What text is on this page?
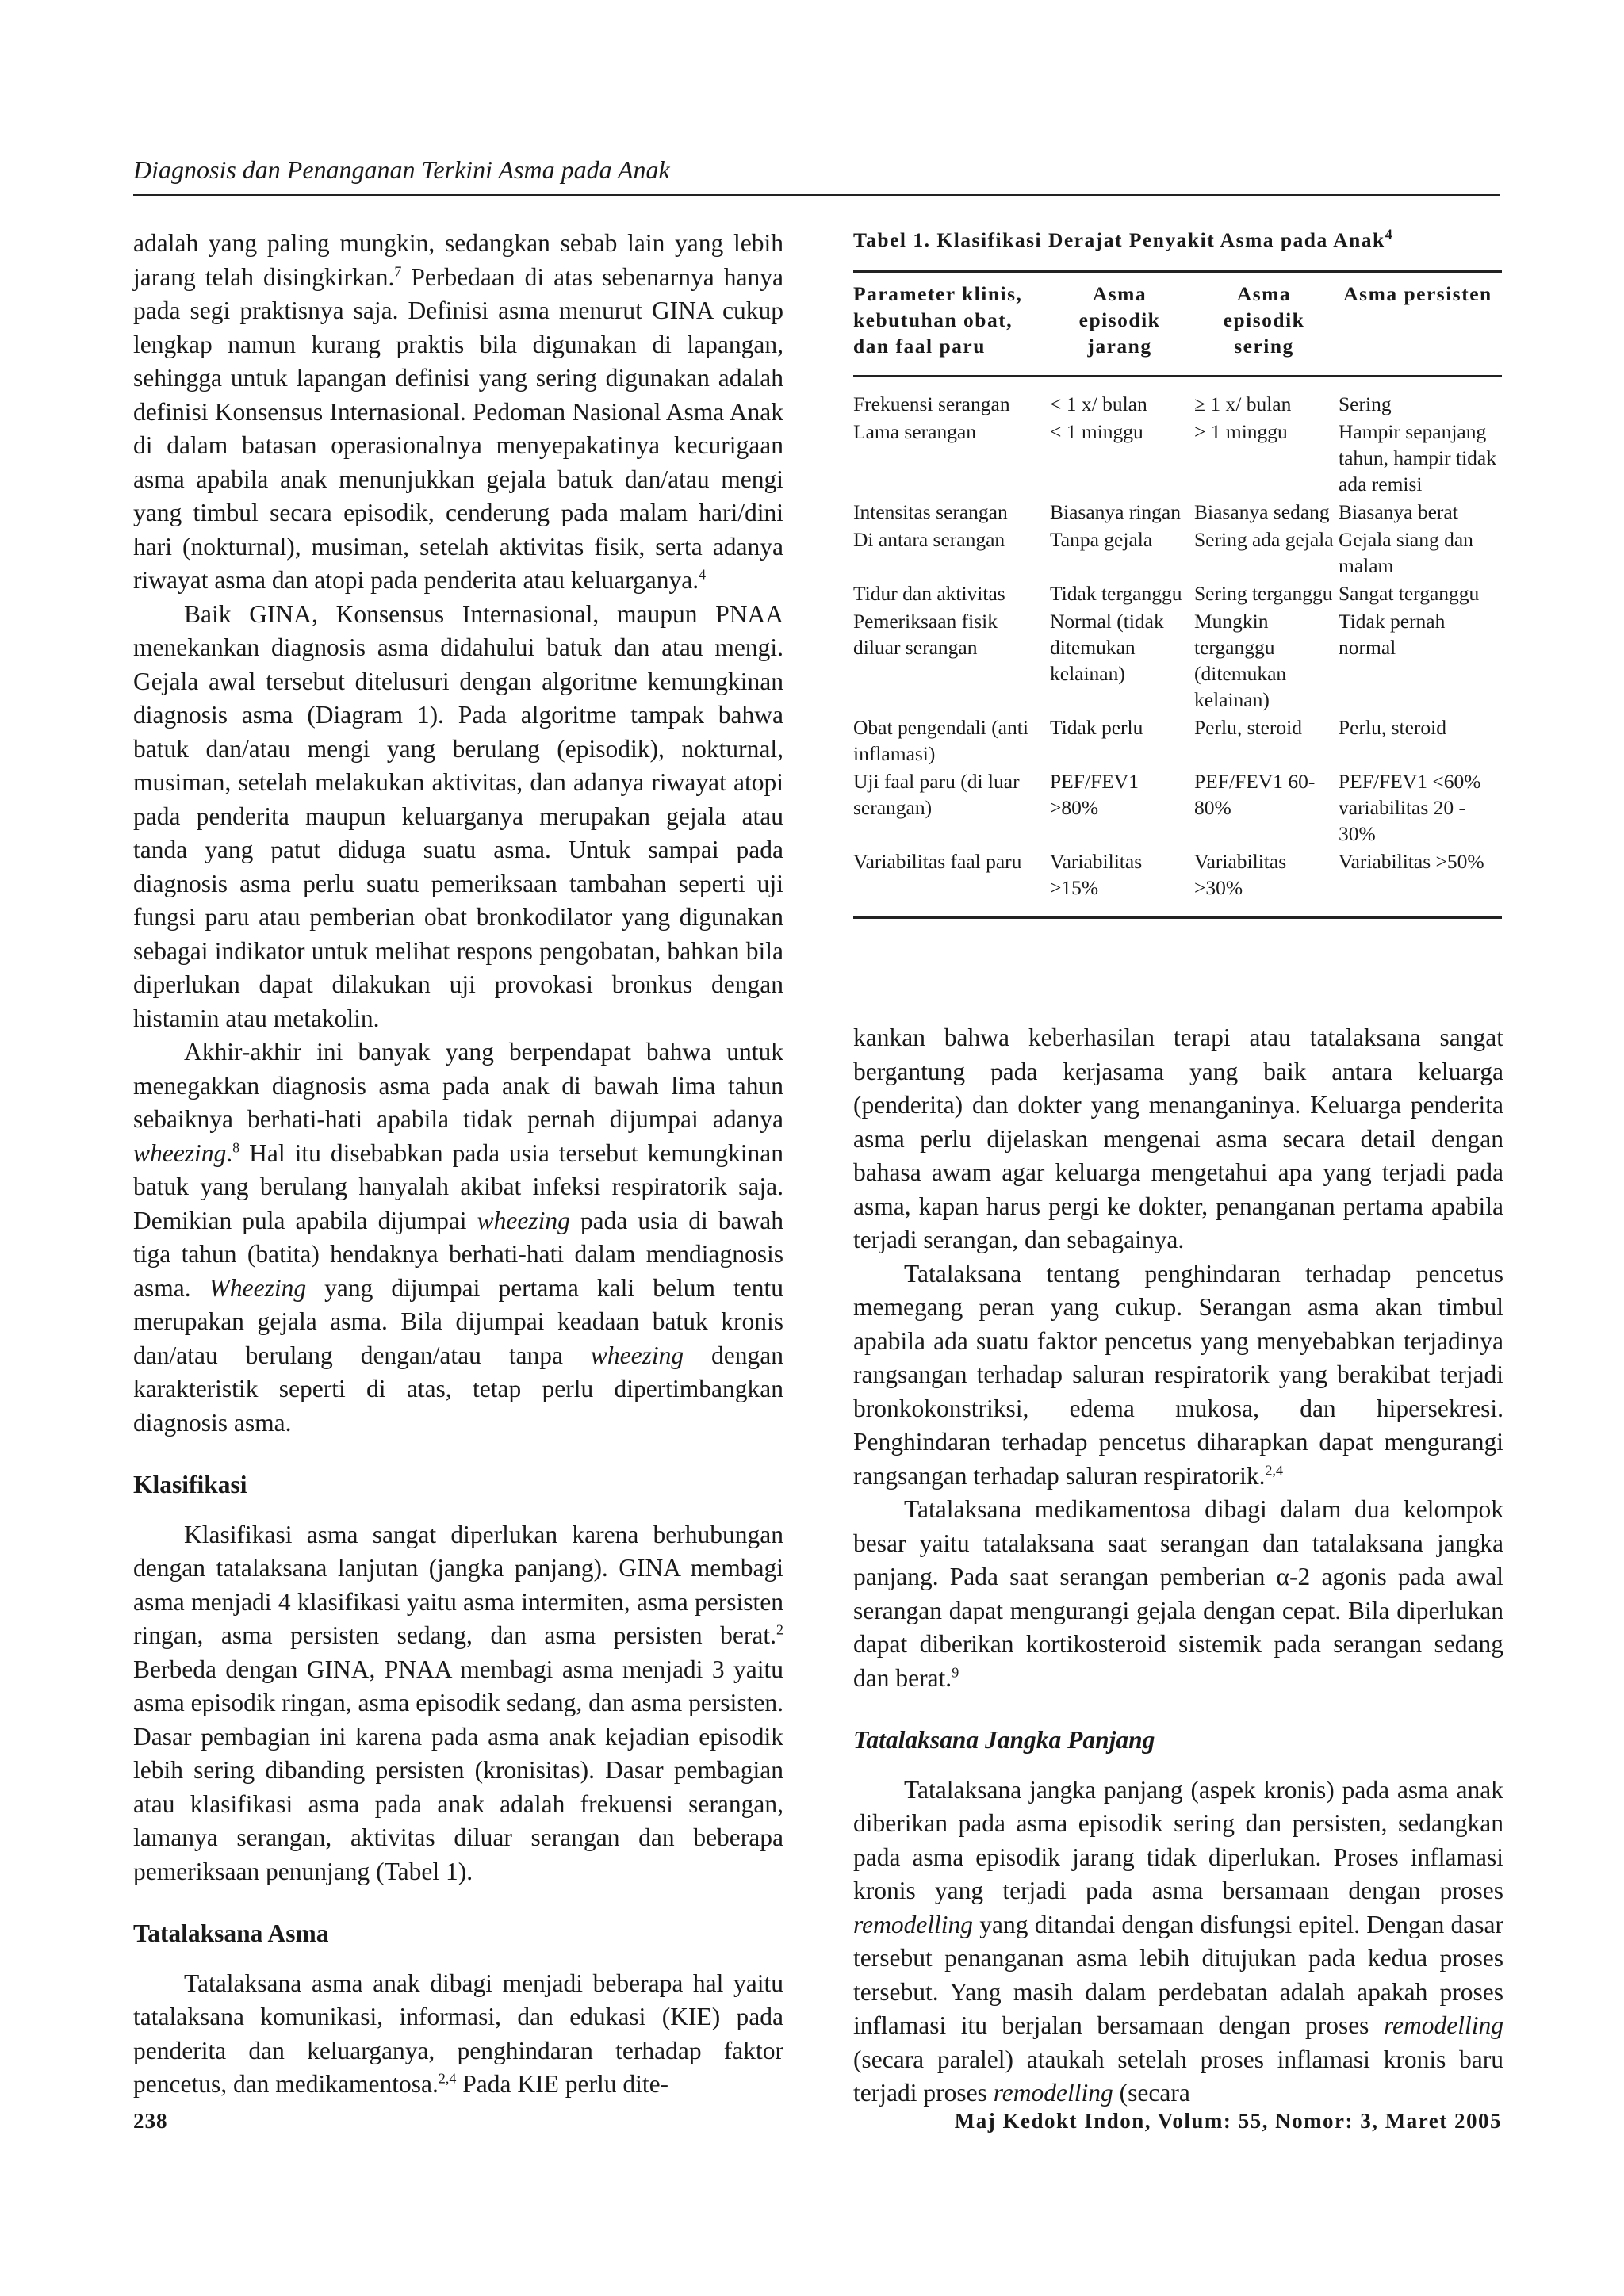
Diagnosis dan Penanganan Terkini Asma pada Anak

adalah yang paling mungkin, sedangkan sebab lain yang lebih jarang telah disingkirkan.$^7$ Perbedaan di atas sebenarnya hanya pada segi praktisnya saja. Definisi asma menurut GINA cukup lengkap namun kurang praktis bila digunakan di lapangan, sehingga untuk lapangan definisi yang sering digunakan adalah definisi Konsensus Internasional. Pedoman Nasional Asma Anak di dalam batasan operasionalnya menyepakatinya kecurigaan asma apabila anak menunjukkan gejala batuk dan/atau mengi yang timbul secara episodik, cenderung pada malam hari/dini hari (nokturnal), musiman, setelah aktivitas fisik, serta adanya riwayat asma dan atopi pada penderita atau keluarganya.$^4$

Baik GINA, Konsensus Internasional, maupun PNAA menekankan diagnosis asma didahului batuk dan atau mengi. Gejala awal tersebut ditelusuri dengan algoritme kemungkinan diagnosis asma (Diagram 1). Pada algoritme tampak bahwa batuk dan/atau mengi yang berulang (episodik), nokturnal, musiman, setelah melakukan aktivitas, dan adanya riwayat atopi pada penderita maupun keluarganya merupakan gejala atau tanda yang patut diduga suatu asma. Untuk sampai pada diagnosis asma perlu suatu pemeriksaan tambahan seperti uji fungsi paru atau pemberian obat bronkodilator yang digunakan sebagai indikator untuk melihat respons pengobatan, bahkan bila diperlukan dapat dilakukan uji provokasi bronkus dengan histamin atau metakolin.

Akhir-akhir ini banyak yang berpendapat bahwa untuk menegakkan diagnosis asma pada anak di bawah lima tahun sebaiknya berhati-hati apabila tidak pernah dijumpai adanya wheezing.$^8$ Hal itu disebabkan pada usia tersebut kemungkinan batuk yang berulang hanyalah akibat infeksi respiratorik saja. Demikian pula apabila dijumpai wheezing pada usia di bawah tiga tahun (batita) hendaknya berhati-hati dalam mendiagnosis asma. Wheezing yang dijumpai pertama kali belum tentu merupakan gejala asma. Bila dijumpai keadaan batuk kronis dan/atau berulang dengan/atau tanpa wheezing dengan karakteristik seperti di atas, tetap perlu dipertimbangkan diagnosis asma.

Klasifikasi

Klasifikasi asma sangat diperlukan karena berhubungan dengan tatalaksana lanjutan (jangka panjang). GINA membagi asma menjadi 4 klasifikasi yaitu asma intermiten, asma persisten ringan, asma persisten sedang, dan asma persisten berat.$^2$ Berbeda dengan GINA, PNAA membagi asma menjadi 3 yaitu asma episodik ringan, asma episodik sedang, dan asma persisten. Dasar pembagian ini karena pada asma anak kejadian episodik lebih sering dibanding persisten (kronisitas). Dasar pembagian atau klasifikasi asma pada anak adalah frekuensi serangan, lamanya serangan, aktivitas diluar serangan dan beberapa pemeriksaan penunjang (Tabel 1).

Tatalaksana Asma

Tatalaksana asma anak dibagi menjadi beberapa hal yaitu tatalaksana komunikasi, informasi, dan edukasi (KIE) pada penderita dan keluarganya, penghindaran terhadap faktor pencetus, dan medikamentosa.$^{2,4}$ Pada KIE perlu dite-

Tabel 1. Klasifikasi Derajat Penyakit Asma pada Anak$^4$
Parameter klinis, kebutuhan obat, dan faal paru	Asma episodik jarang	Asma episodik sering	Asma persisten
Frekuensi serangan	< 1 x/ bulan	≥ 1 x/ bulan	Sering
Lama serangan	< 1 minggu	> 1 minggu	Hampir sepanjang tahun, hampir tidak ada remisi
Intensitas serangan	Biasanya ringan	Biasanya sedang	Biasanya berat
Di antara serangan	Tanpa gejala	Sering ada gejala	Gejala siang dan malam
Tidur dan aktivitas	Tidak terganggu	Sering terganggu	Sangat terganggu
Pemeriksaan fisik diluar serangan	Normal (tidak ditemukan kelainan)	Mungkin terganggu (ditemukan kelainan)	Tidak pernah normal
Obat pengendali (anti inflamasi)	Tidak perlu	Perlu, steroid	Perlu, steroid
Uji faal paru (di luar serangan)	PEF/FEV1 >80%	PEF/FEV1 60-80%	PEF/FEV1 <60% variabilitas 20 - 30%
Variabilitas faal paru	Variabilitas >15%	Variabilitas >30%	Variabilitas >50%

kankan bahwa keberhasilan terapi atau tatalaksana sangat bergantung pada kerjasama yang baik antara keluarga (penderita) dan dokter yang menanganinya. Keluarga penderita asma perlu dijelaskan mengenai asma secara detail dengan bahasa awam agar keluarga mengetahui apa yang terjadi pada asma, kapan harus pergi ke dokter, penanganan pertama apabila terjadi serangan, dan sebagainya.

Tatalaksana tentang penghindaran terhadap pencetus memegang peran yang cukup. Serangan asma akan timbul apabila ada suatu faktor pencetus yang menyebabkan terjadinya rangsangan terhadap saluran respiratorik yang berakibat terjadi bronkokonstriksi, edema mukosa, dan hipersekresi. Penghindaran terhadap pencetus diharapkan dapat mengurangi rangsangan terhadap saluran respiratorik.$^{2,4}$

Tatalaksana medikamentosa dibagi dalam dua kelompok besar yaitu tatalaksana saat serangan dan tatalaksana jangka panjang. Pada saat serangan pemberian α-2 agonis pada awal serangan dapat mengurangi gejala dengan cepat. Bila diperlukan dapat diberikan kortikosteroid sistemik pada serangan sedang dan berat.$^9$

Tatalaksana Jangka Panjang

Tatalaksana jangka panjang (aspek kronis) pada asma anak diberikan pada asma episodik sering dan persisten, sedangkan pada asma episodik jarang tidak diperlukan. Proses inflamasi kronis yang terjadi pada asma bersamaan dengan proses remodelling yang ditandai dengan disfungsi epitel. Dengan dasar tersebut penanganan asma lebih ditujukan pada kedua proses tersebut. Yang masih dalam perdebatan adalah apakah proses inflamasi itu berjalan bersamaan dengan proses remodelling (secara paralel) ataukah setelah proses inflamasi kronis baru terjadi proses remodelling (secara

238	Maj Kedokt Indon, Volum: 55, Nomor: 3, Maret 2005
